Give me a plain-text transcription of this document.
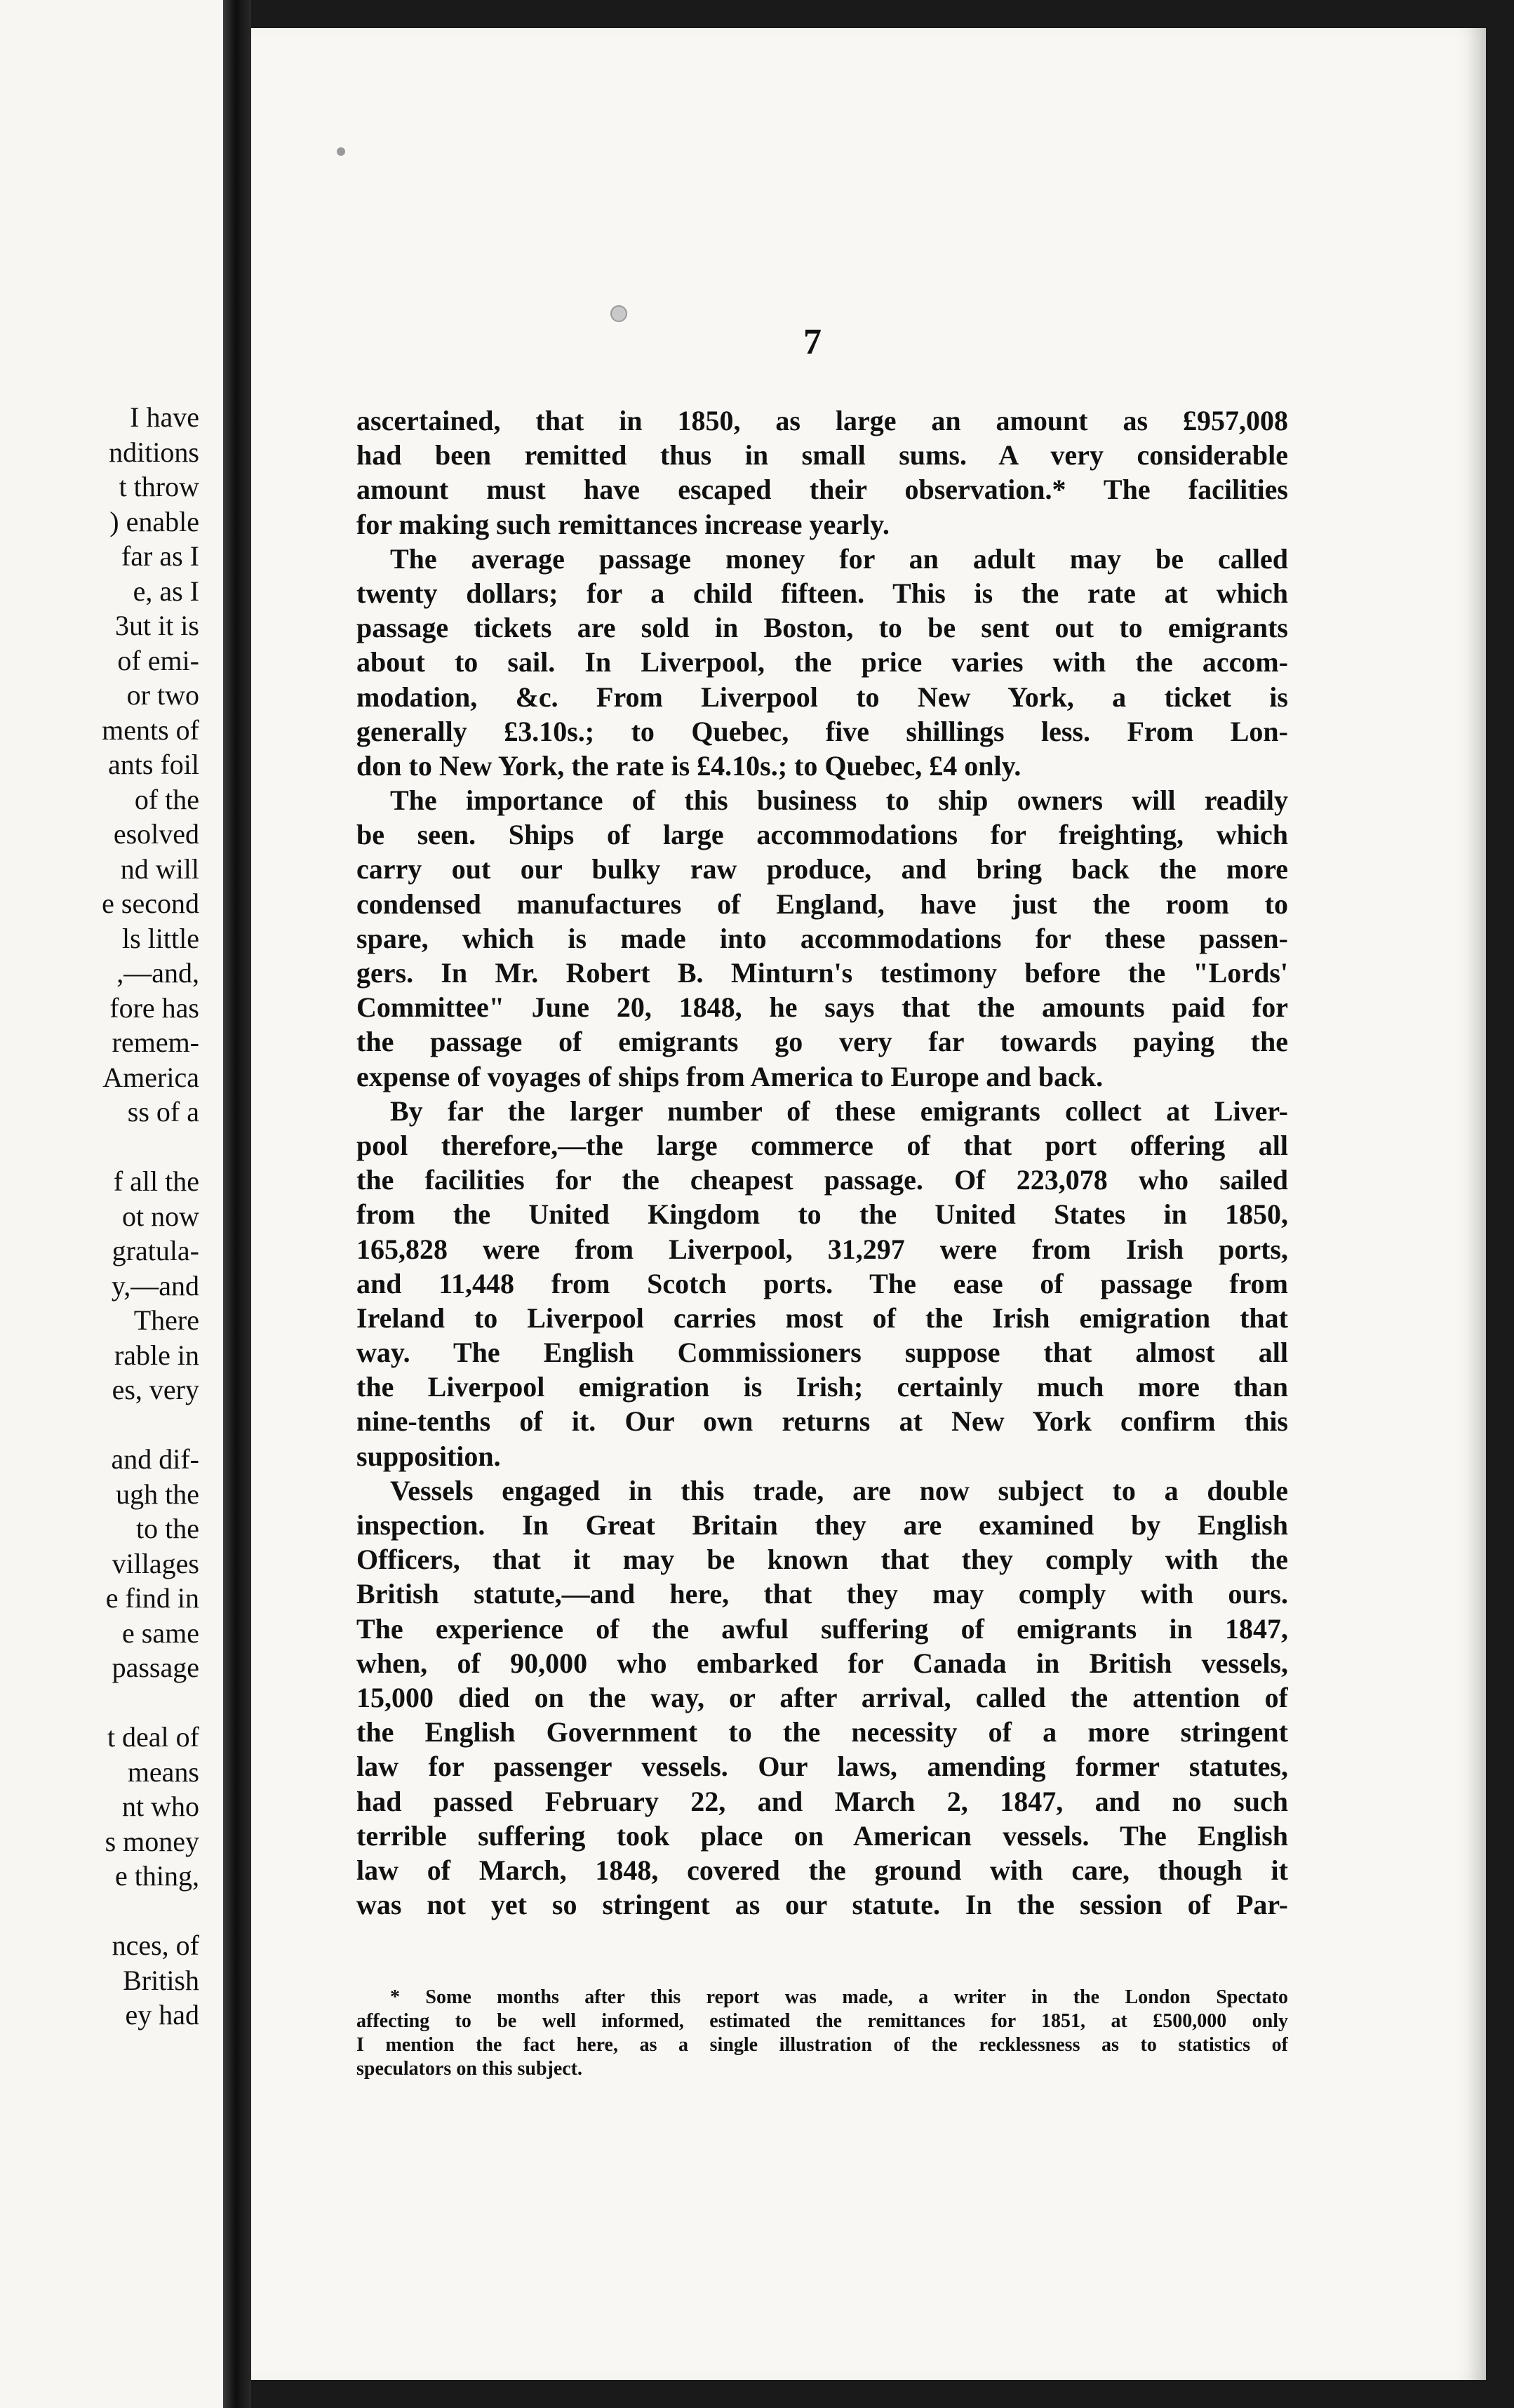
I have
nditions
t throw
) enable
far as I
e, as I
3ut it is
of emi-
or two
ments of
ants foil
of the
esolved
nd will
e second
ls little
,—and,
fore has
remem-
America
ss of a
f all the
ot now
gratula-
y,—and
There
rable in
es, very
and dif-
ugh the
to the
villages
e find in
e same
passage
t deal of
means
nt who
s money
e thing,
nces, of
British
ey had
7
ascertained, that in 1850, as large an amount as £957,008
had been remitted thus in small sums. A very considerable
amount must have escaped their observation.* The facilities
for making such remittances increase yearly.
The average passage money for an adult may be called
twenty dollars; for a child fifteen. This is the rate at which
passage tickets are sold in Boston, to be sent out to emigrants
about to sail. In Liverpool, the price varies with the accom-
modation, &c. From Liverpool to New York, a ticket is
generally £3.10s.; to Quebec, five shillings less. From Lon-
don to New York, the rate is £4.10s.; to Quebec, £4 only.
The importance of this business to ship owners will readily
be seen. Ships of large accommodations for freighting, which
carry out our bulky raw produce, and bring back the more
condensed manufactures of England, have just the room to
spare, which is made into accommodations for these passen-
gers. In Mr. Robert B. Minturn's testimony before the "Lords'
Committee" June 20, 1848, he says that the amounts paid for
the passage of emigrants go very far towards paying the
expense of voyages of ships from America to Europe and back.
By far the larger number of these emigrants collect at Liver-
pool therefore,—the large commerce of that port offering all
the facilities for the cheapest passage. Of 223,078 who sailed
from the United Kingdom to the United States in 1850,
165,828 were from Liverpool, 31,297 were from Irish ports,
and 11,448 from Scotch ports. The ease of passage from
Ireland to Liverpool carries most of the Irish emigration that
way. The English Commissioners suppose that almost all
the Liverpool emigration is Irish; certainly much more than
nine-tenths of it. Our own returns at New York confirm this
supposition.
Vessels engaged in this trade, are now subject to a double
inspection. In Great Britain they are examined by English
Officers, that it may be known that they comply with the
British statute,—and here, that they may comply with ours.
The experience of the awful suffering of emigrants in 1847,
when, of 90,000 who embarked for Canada in British vessels,
15,000 died on the way, or after arrival, called the attention of
the English Government to the necessity of a more stringent
law for passenger vessels. Our laws, amending former statutes,
had passed February 22, and March 2, 1847, and no such
terrible suffering took place on American vessels. The English
law of March, 1848, covered the ground with care, though it
was not yet so stringent as our statute. In the session of Par-
* Some months after this report was made, a writer in the London Spectato
affecting to be well informed, estimated the remittances for 1851, at £500,000 only
I mention the fact here, as a single illustration of the recklessness as to statistics of
speculators on this subject.
